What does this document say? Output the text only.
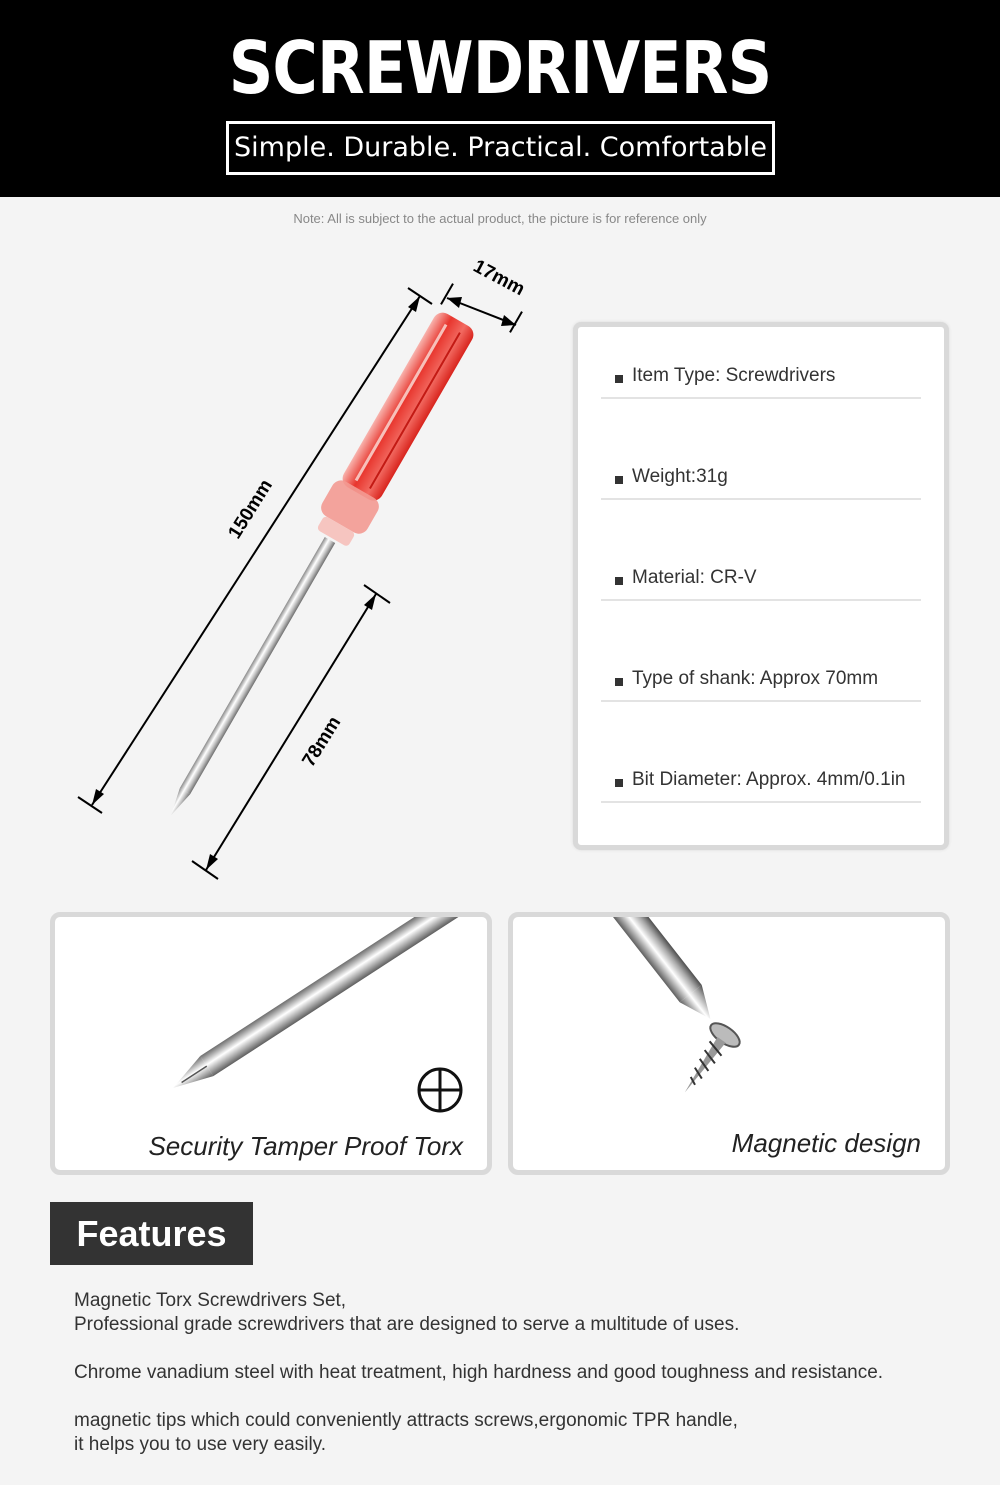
SCREWDRIVERS
Simple. Durable. Practical. Comfortable
Note: All is subject to the actual product, the picture is for reference only
17mm
150mm
78mm
Item Type: Screwdrivers
Weight:31g
Material: CR-V
Type of shank: Approx 70mm
Bit Diameter: Approx. 4mm/0.1in
Security Tamper Proof Torx	Magnetic design
Features
Magnetic Torx Screwdrivers Set,
Professional grade screwdrivers that are designed to serve a multitude of uses.
Chrome vanadium steel with heat treatment, high hardness and good toughness and resistance.
magnetic tips which could conveniently attracts screws,ergonomic TPR handle,
it helps you to use very easily.
